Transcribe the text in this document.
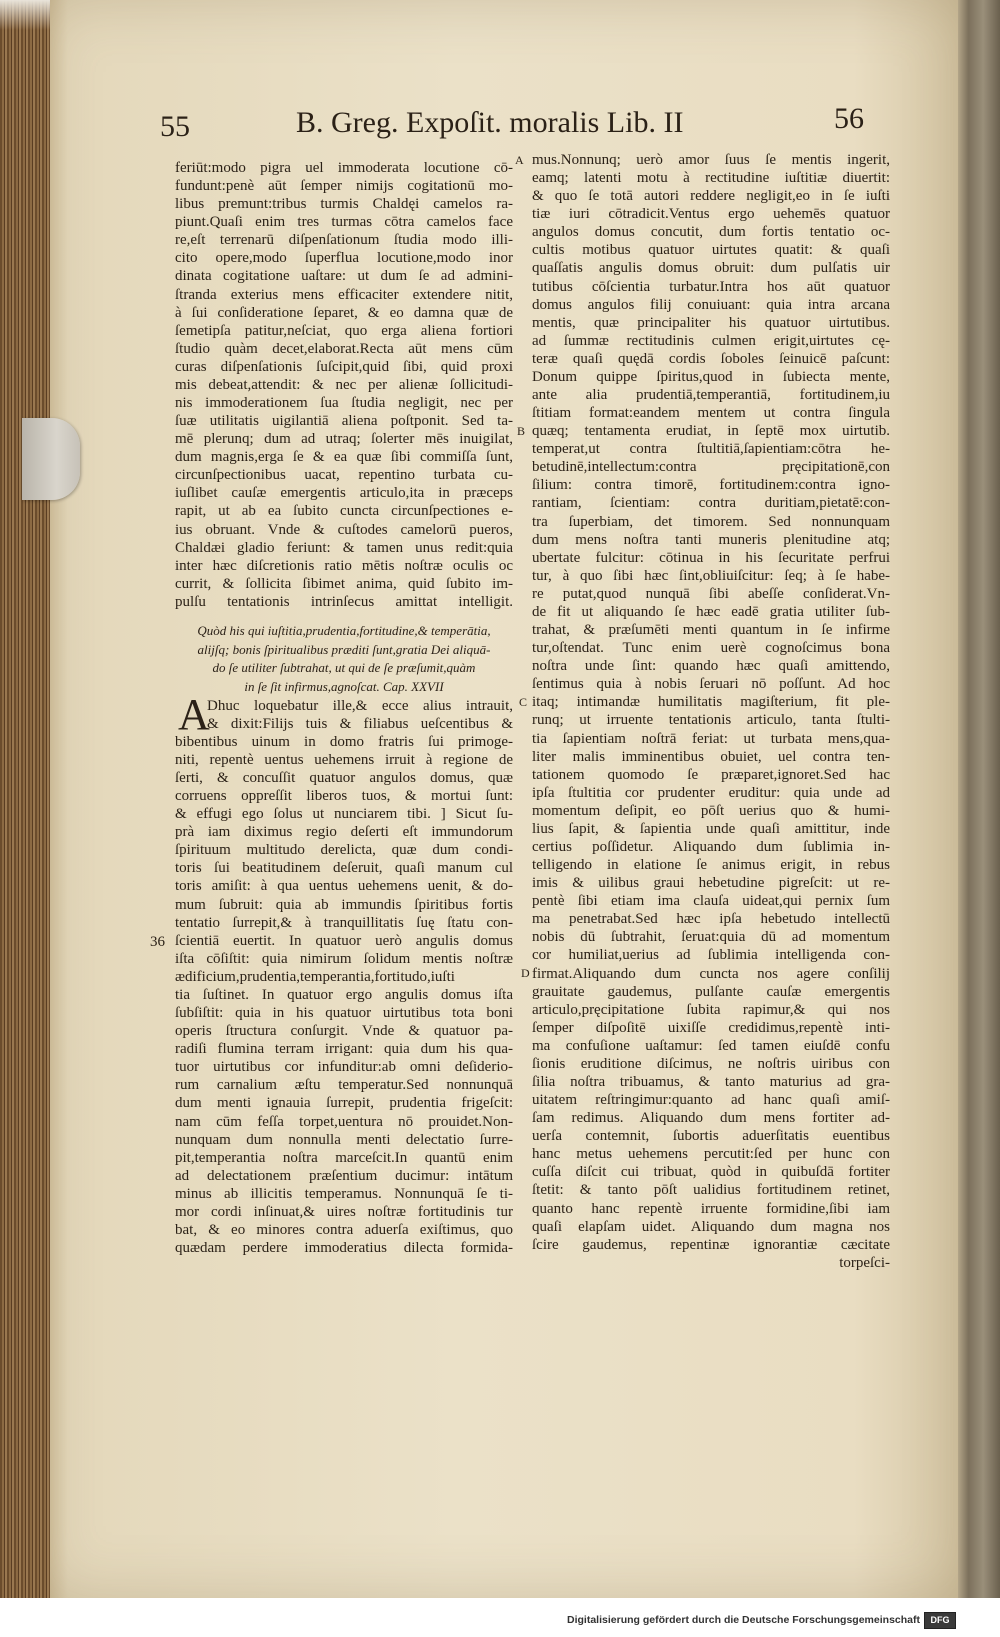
55	B. Greg. Expoſit. moralis Lib. II	56
A
B
C
D
36
feriūt:modo pigra uel immoderata locutione cō-
fundunt:penè aūt ſemper nimijs cogitationū mo-
libus premunt:tribus turmis Chaldęi camelos ra-
piunt.Quaſi enim tres turmas cōtra camelos face
re,eſt terrenarū diſpenſationum ſtudia modo illi-
cito opere,modo ſuperflua locutione,modo inor
dinata cogitatione uaſtare: ut dum ſe ad admini-
ſtranda exterius mens efficaciter extendere nitit,
à ſui conſideratione ſeparet, & eo damna quæ de
ſemetipſa patitur,neſciat, quo erga aliena fortiori
ſtudio quàm decet,elaborat.Recta aūt mens cūm
curas diſpenſationis ſuſcipit,quid ſibi, quid proxi
mis debeat,attendit: & nec per alienæ ſollicitudi-
nis immoderationem ſua ſtudia negligit, nec per
ſuæ utilitatis uigilantiā aliena poſtponit. Sed ta-
mē plerunq; dum ad utraq; ſolerter mēs inuigilat,
dum magnis,erga ſe & ea quæ ſibi commiſſa ſunt,
circunſpectionibus uacat, repentino turbata cu-
iuſlibet cauſæ emergentis articulo,ita in præceps
rapit, ut ab ea ſubito cuncta circunſpectiones e-
ius obruant. Vnde & cuſtodes camelorū pueros,
Chaldæi gladio feriunt: & tamen unus redit:quia
inter hæc diſcretionis ratio mētis noſtræ oculis oc
currit, & ſollicita ſibimet anima, quid ſubito im-
pulſu tentationis intrinſecus amittat intelligit.
Quòd his qui iuſtitia,prudentia,fortitudine,& temperātia,
alijſq; bonis ſpiritualibus præditi ſunt,gratia Dei aliquā-
do ſe utiliter ſubtrahat, ut qui de ſe præſumit,quàm
in ſe ſit infirmus,agnoſcat. Cap. XXVII
Dhuc loquebatur ille,& ecce alius intrauit,
& dixit:Filijs tuis & filiabus ueſcentibus &
bibentibus uinum in domo fratris ſui primoge-
niti, repentè uentus uehemens irruit à regione de
ſerti, & concuſſit quatuor angulos domus, quæ
corruens oppreſſit liberos tuos, & mortui ſunt:
& effugi ego ſolus ut nunciarem tibi. ] Sicut ſu-
prà iam diximus regio deſerti eſt immundorum
ſpirituum multitudo derelicta, quæ dum condi-
toris ſui beatitudinem deſeruit, quaſi manum cul
toris amiſit: à qua uentus uehemens uenit, & do-
mum ſubruit: quia ab immundis ſpiritibus fortis
tentatio ſurrepit,& à tranquillitatis ſuę ſtatu con-
ſcientiā euertit. In quatuor uerò angulis domus
iſta cōſiſtit: quia nimirum ſolidum mentis noſtræ
ædificium,prudentia,temperantia,fortitudo,iuſti
tia ſuſtinet. In quatuor ergo angulis domus iſta
ſubſiſtit: quia in his quatuor uirtutibus tota boni
operis ſtructura conſurgit. Vnde & quatuor pa-
radiſi flumina terram irrigant: quia dum his qua-
tuor uirtutibus cor infunditur:ab omni deſiderio-
rum carnalium æſtu temperatur.Sed nonnunquā
dum menti ignauia ſurrepit, prudentia frigeſcit:
nam cūm feſſa torpet,uentura nō prouidet.Non-
nunquam dum nonnulla menti delectatio ſurre-
pit,temperantia noſtra marceſcit.In quantū enim
ad delectationem præſentium ducimur: intātum
minus ab illicitis temperamus. Nonnunquā ſe ti-
mor cordi inſinuat,& uires noſtræ fortitudinis tur
bat, & eo minores contra aduerſa exiſtimus, quo
quædam perdere immoderatius dilecta formida-
A
mus.Nonnunq; uerò amor ſuus ſe mentis ingerit,
eamq; latenti motu à rectitudine iuſtitiæ diuertit:
& quo ſe totā autori reddere negligit,eo in ſe iuſti
tiæ iuri cōtradicit.Ventus ergo uehemēs quatuor
angulos domus concutit, dum fortis tentatio oc-
cultis motibus quatuor uirtutes quatit: & quaſi
quaſſatis angulis domus obruit: dum pulſatis uir
tutibus cōſcientia turbatur.Intra hos aūt quatuor
domus angulos filij conuiuant: quia intra arcana
mentis, quæ principaliter his quatuor uirtutibus.
ad ſummæ rectitudinis culmen erigit,uirtutes cę-
teræ quaſi quędā cordis ſoboles ſeinuicē paſcunt:
Donum quippe ſpiritus,quod in ſubiecta mente,
ante alia prudentiā,temperantiā, fortitudinem,iu
ſtitiam format:eandem mentem ut contra ſingula
quæq; tentamenta erudiat, in ſeptē mox uirtutib.
temperat,ut contra ſtultitiā,ſapientiam:cōtra he-
betudinē,intellectum:contra pręcipitationē,con
ſilium: contra timorē, fortitudinem:contra igno-
rantiam, ſcientiam: contra duritiam,pietatē:con-
tra ſuperbiam, det timorem. Sed nonnunquam
dum mens noſtra tanti muneris plenitudine atq;
ubertate fulcitur: cōtinua in his ſecuritate perfrui
tur, à quo ſibi hæc ſint,obliuiſcitur: ſeq; à ſe habe-
re putat,quod nunquā ſibi abeſſe conſiderat.Vn-
de fit ut aliquando ſe hæc eadē gratia utiliter ſub-
trahat, & præſumēti menti quantum in ſe infirme
tur,oſtendat. Tunc enim uerè cognoſcimus bona
noſtra unde ſint: quando hæc quaſi amittendo,
ſentimus quia à nobis ſeruari nō poſſunt. Ad hoc
itaq; intimandæ humilitatis magiſterium, fit ple-
runq; ut irruente tentationis articulo, tanta ſtulti-
tia ſapientiam noſtrā feriat: ut turbata mens,qua-
liter malis imminentibus obuiet, uel contra ten-
tationem quomodo ſe præparet,ignoret.Sed hac
ipſa ſtultitia cor prudenter eruditur: quia unde ad
momentum deſipit, eo pōſt uerius quo & humi-
lius ſapit, & ſapientia unde quaſi amittitur, inde
certius poſſidetur. Aliquando dum ſublimia in-
telligendo in elatione ſe animus erigit, in rebus
imis & uilibus graui hebetudine pigreſcit: ut re-
pentè ſibi etiam ima clauſa uideat,qui pernix ſum
ma penetrabat.Sed hæc ipſa hebetudo intellectū
nobis dū ſubtrahit, ſeruat:quia dū ad momentum
cor humiliat,uerius ad ſublimia intelligenda con-
firmat.Aliquando dum cuncta nos agere conſilij
grauitate gaudemus, pulſante cauſæ emergentis
articulo,pręcipitatione ſubita rapimur,& qui nos
ſemper diſpoſitē uixiſſe credidimus,repentè inti-
ma confuſione uaſtamur: ſed tamen eiuſdē confu
ſionis eruditione diſcimus, ne noſtris uiribus con
ſilia noſtra tribuamus, & tanto maturius ad gra-
uitatem reſtringimur:quanto ad hanc quaſi amiſ-
ſam redimus. Aliquando dum mens fortiter ad-
uerſa contemnit, ſubortis aduerſitatis euentibus
hanc metus uehemens percutit:ſed per hunc con
cuſſa diſcit cui tribuat, quòd in quibuſdā fortiter
ſtetit: & tanto pōſt ualidius fortitudinem retinet,
quanto hanc repentè irruente formidine,ſibi iam
quaſi elapſam uidet. Aliquando dum magna nos
ſcire gaudemus, repentinæ ignorantiæ cæcitate
torpeſci-
Digitalisierung gefördert durch die Deutsche Forschungsgemeinschaft	DFG
